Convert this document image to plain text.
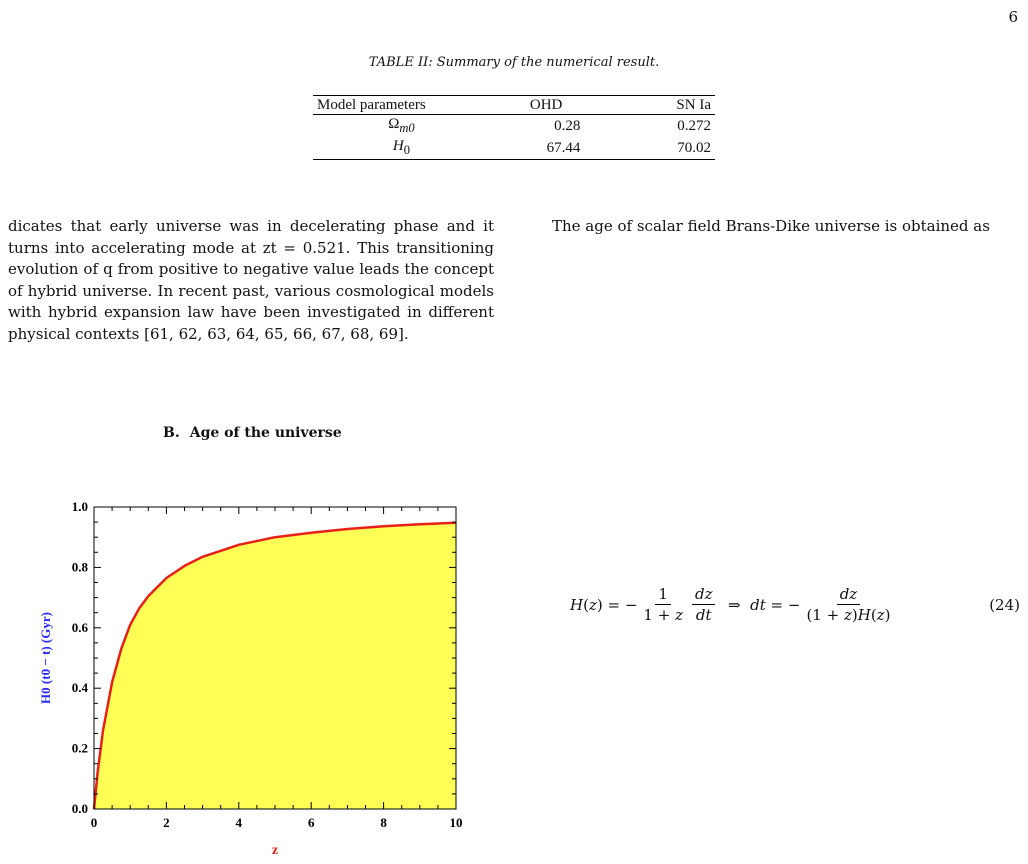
6
TABLE II: Summary of the numerical result.
Model parameters	OHD	SN Ia
$\Omega_{m0}$	0.28	0.272
$H_0$	67.44	70.02

dicates that early universe was in decelerating phase and it turns into accelerating mode at zt = 0.521. This transitioning evolution of q from positive to negative value leads the concept of hybrid universe. In recent past, various cosmological models with hybrid expansion law have been investigated in different physical contexts [61, 62, 63, 64, 65, 66, 67, 68, 69].

B. Age of the universe

The age of scalar field Brans-Dike universe is obtained as

0	2	4	6	8	10
0.0
0.2
0.4
0.6
0.8
1.0
z
H0 (t0 − t) (Gyr)
H (z) = − $\frac{1}{1 + z} \frac{dz}{dt}$ ⇒ dt = − $\frac{dz}{(1 + z)H(z)}$	(24)
